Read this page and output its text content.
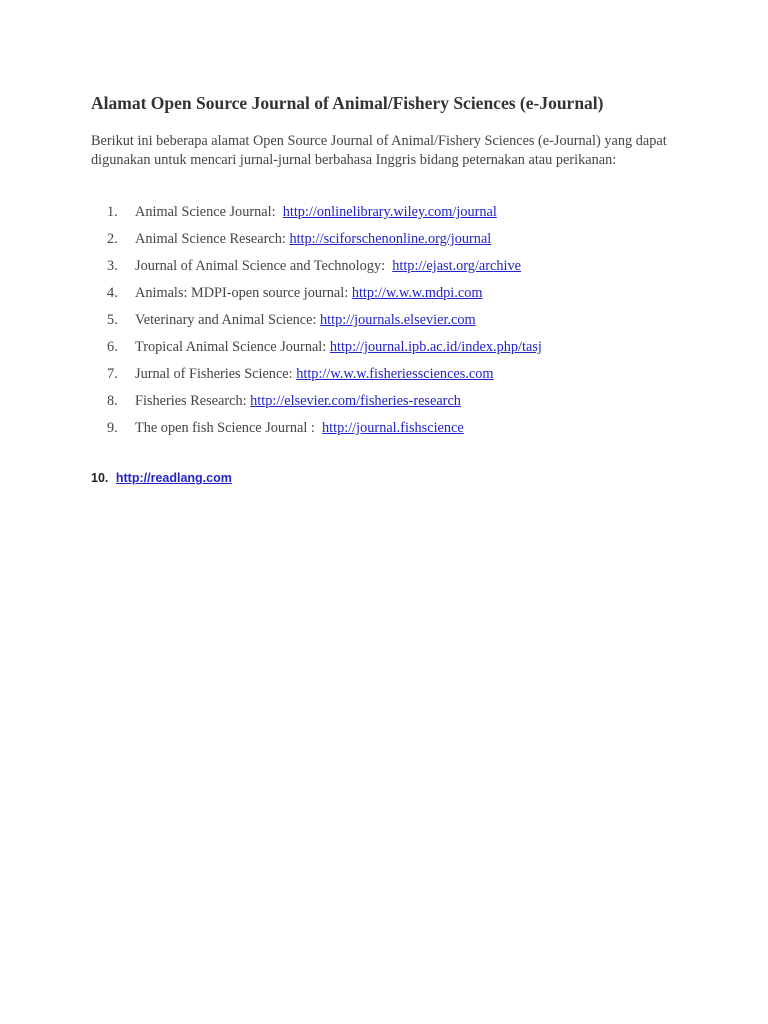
Alamat Open Source Journal of Animal/Fishery Sciences (e-Journal)

Berikut ini beberapa alamat Open Source Journal of Animal/Fishery Sciences (e-Journal) yang dapat digunakan untuk mencari jurnal-jurnal berbahasa Inggris bidang peternakan atau perikanan:

1.	Animal Science Journal:  http://onlinelibrary.wiley.com/journal
2.	Animal Science Research: http://sciforschenonline.org/journal
3.	Journal of Animal Science and Technology:  http://ejast.org/archive
4.	Animals: MDPI-open source journal: http://w.w.w.mdpi.com
5.	Veterinary and Animal Science: http://journals.elsevier.com
6.	Tropical Animal Science Journal: http://journal.ipb.ac.id/index.php/tasj
7.	Jurnal of Fisheries Science: http://w.w.w.fisheriessciences.com
8.	Fisheries Research: http://elsevier.com/fisheries-research
9.	The open fish Science Journal :  http://journal.fishscience
10. http://readlang.com
